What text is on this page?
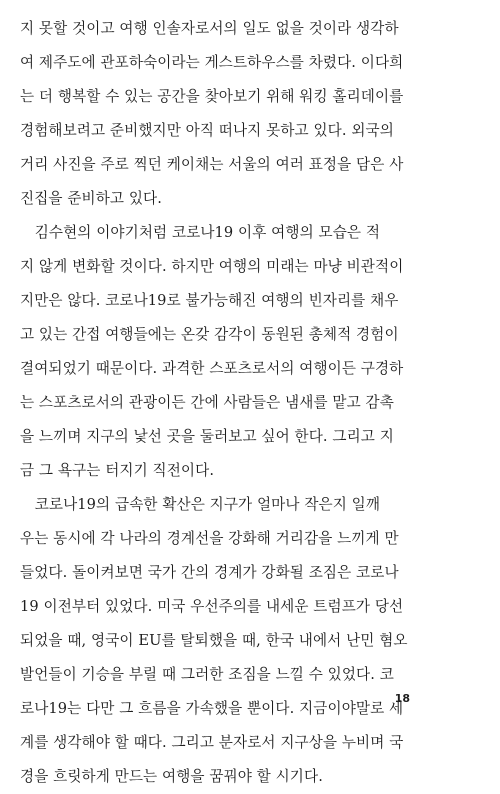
지 못할 것이고 여행 인솔자로서의 일도 없을 것이라 생각하
여 제주도에 관포하숙이라는 게스트하우스를 차렸다. 이다희
는 더 행복할 수 있는 공간을 찾아보기 위해 워킹 홀리데이를
경험해보려고 준비했지만 아직 떠나지 못하고 있다. 외국의
거리 사진을 주로 찍던 케이채는 서울의 여러 표정을 담은 사
진집을 준비하고 있다.
　김수현의 이야기처럼 코로나19 이후 여행의 모습은 적
지 않게 변화할 것이다. 하지만 여행의 미래는 마냥 비관적이
지만은 않다. 코로나19로 불가능해진 여행의 빈자리를 채우
고 있는 간접 여행들에는 온갖 감각이 동원된 총체적 경험이
결여되었기 때문이다. 과격한 스포츠로서의 여행이든 구경하
는 스포츠로서의 관광이든 간에 사람들은 냄새를 맡고 감촉
을 느끼며 지구의 낯선 곳을 둘러보고 싶어 한다. 그리고 지
금 그 욕구는 터지기 직전이다.
　코로나19의 급속한 확산은 지구가 얼마나 작은지 일깨
우는 동시에 각 나라의 경계선을 강화해 거리감을 느끼게 만
들었다. 돌이켜보면 국가 간의 경계가 강화될 조짐은 코로나
19 이전부터 있었다. 미국 우선주의를 내세운 트럼프가 당선
되었을 때, 영국이 EU를 탈퇴했을 때, 한국 내에서 난민 혐오
발언들이 기승을 부릴 때 그러한 조짐을 느낄 수 있었다. 코
로나19는 다만 그 흐름을 가속했을 뿐이다. 지금이야말로 세
계를 생각해야 할 때다. 그리고 분자로서 지구상을 누비며 국
경을 흐릿하게 만드는 여행을 꿈꿔야 할 시기다.
18
